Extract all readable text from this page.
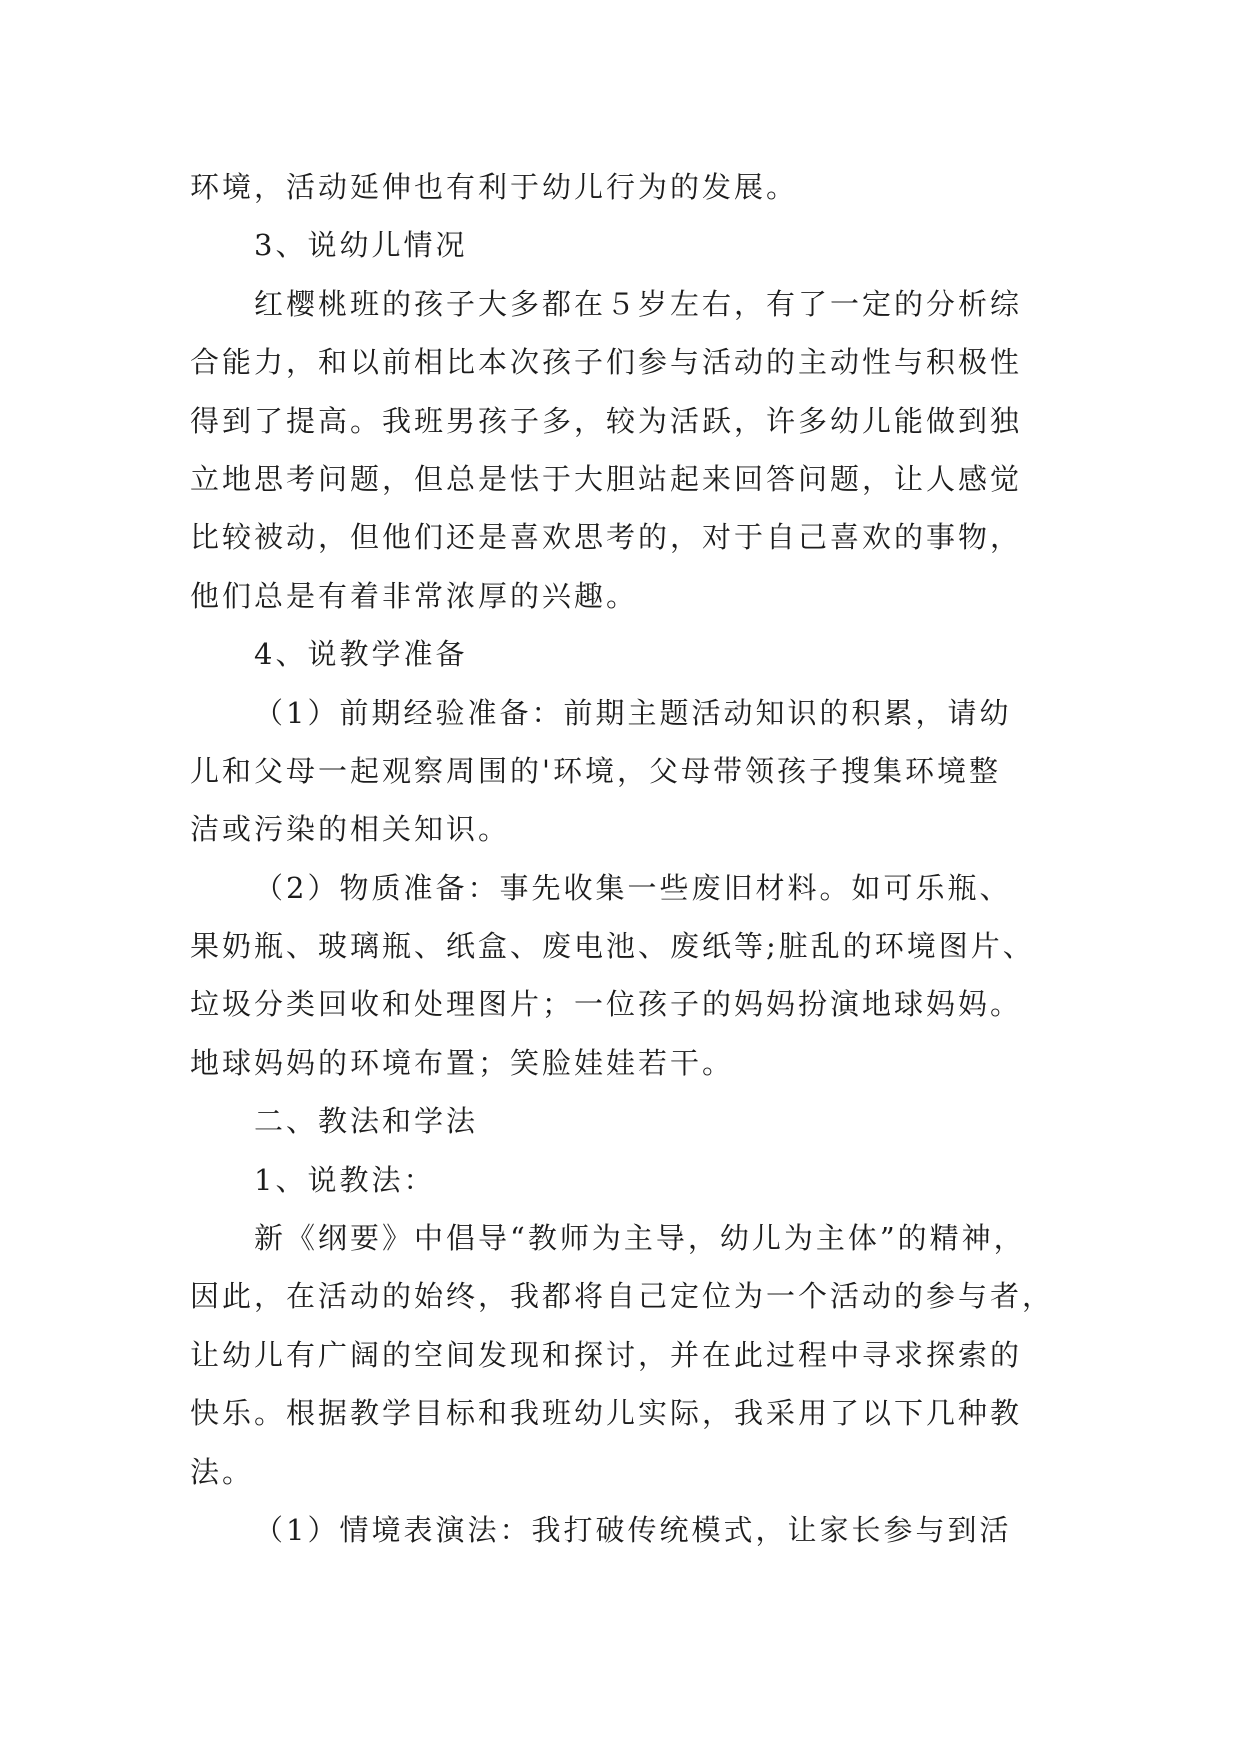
环境，活动延伸也有利于幼儿行为的发展。
3、说幼儿情况
红樱桃班的孩子大多都在５岁左右，有了一定的分析综
合能力，和以前相比本次孩子们参与活动的主动性与积极性
得到了提高。我班男孩子多，较为活跃，许多幼儿能做到独
立地思考问题，但总是怯于大胆站起来回答问题，让人感觉
比较被动，但他们还是喜欢思考的，对于自己喜欢的事物，
他们总是有着非常浓厚的兴趣。
4、说教学准备
（1）前期经验准备：前期主题活动知识的积累，请幼
儿和父母一起观察周围的'环境，父母带领孩子搜集环境整
洁或污染的相关知识。
（2）物质准备：事先收集一些废旧材料。如可乐瓶、
果奶瓶、玻璃瓶、纸盒、废电池、废纸等;脏乱的环境图片、
垃圾分类回收和处理图片；一位孩子的妈妈扮演地球妈妈。
地球妈妈的环境布置；笑脸娃娃若干。
二、教法和学法
1、说教法：
新《纲要》中倡导“教师为主导，幼儿为主体”的精神，
因此，在活动的始终，我都将自己定位为一个活动的参与者，
让幼儿有广阔的空间发现和探讨，并在此过程中寻求探索的
快乐。根据教学目标和我班幼儿实际，我采用了以下几种教
法。
（1）情境表演法：我打破传统模式，让家长参与到活
